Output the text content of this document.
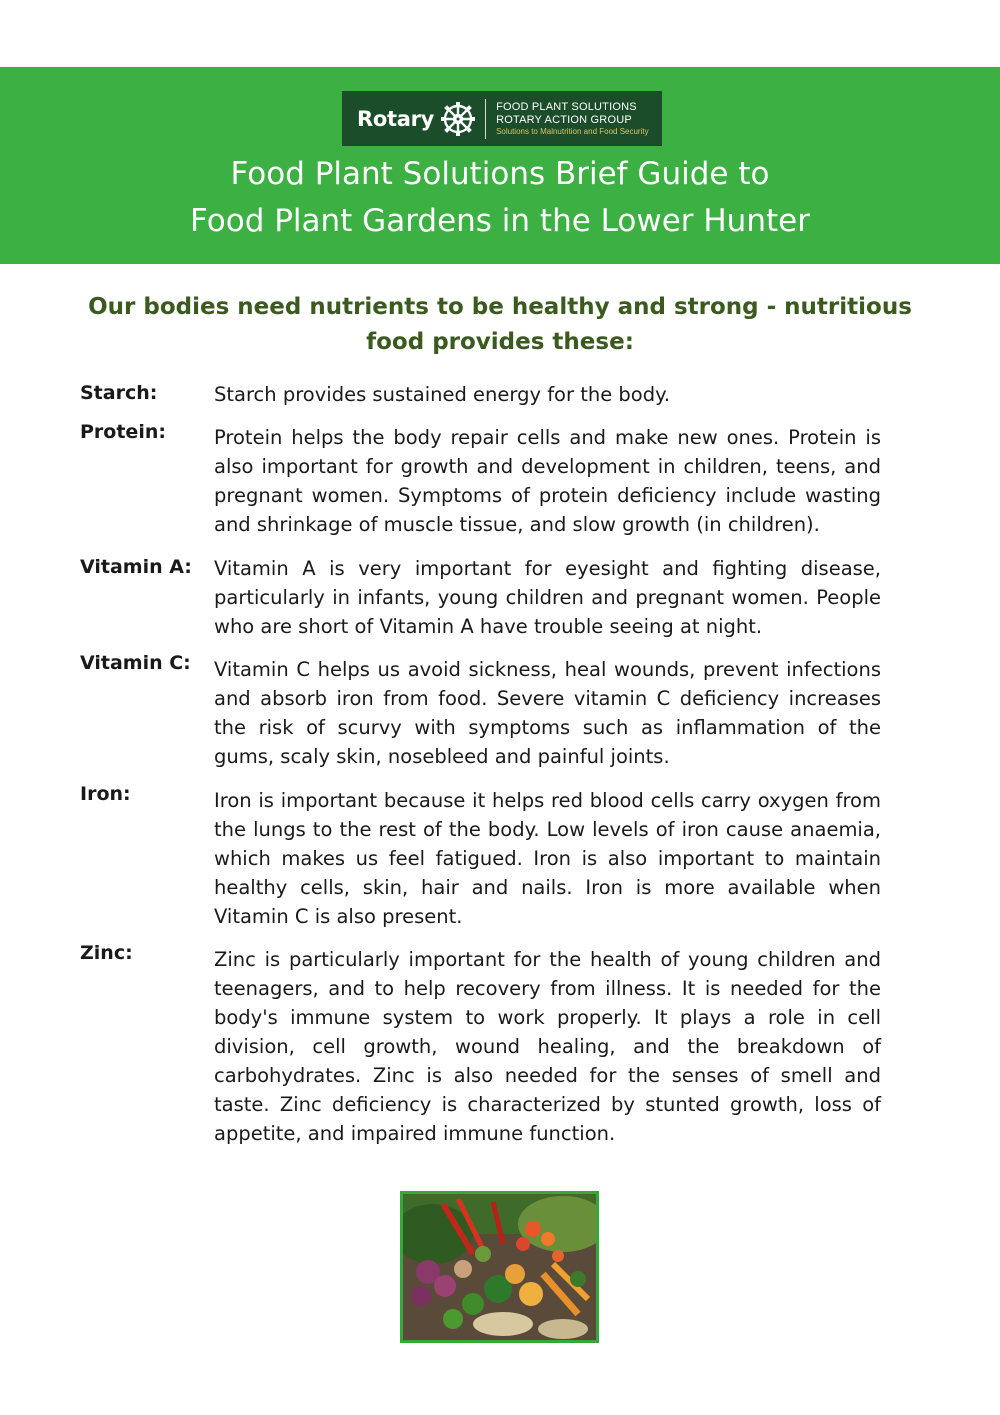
Rotary	FOOD PLANT SOLUTIONS
ROTARY ACTION GROUP
Solutions to Malnutrition and Food Security
Food Plant Solutions Brief Guide to
Food Plant Gardens in the Lower Hunter
Our bodies need nutrients to be healthy and strong - nutritious food provides these:
Starch:	Starch provides sustained energy for the body.
Protein: Protein helps the body repair cells and make new ones. Protein is also important for growth and development in children, teens, and pregnant women. Symptoms of protein deficiency include wasting and shrinkage of muscle tissue, and slow growth (in children).
Vitamin A: Vitamin A is very important for eyesight and fighting disease, particularly in infants, young children and pregnant women. People who are short of Vitamin A have trouble seeing at night.
Vitamin C: Vitamin C helps us avoid sickness, heal wounds, prevent infections and absorb iron from food. Severe vitamin C deficiency increases the risk of scurvy with symptoms such as inflammation of the gums, scaly skin, nosebleed and painful joints.
Iron:	Iron is important because it helps red blood cells carry oxygen from the lungs to the rest of the body. Low levels of iron cause anaemia, which makes us feel fatigued. Iron is also important to maintain healthy cells, skin, hair and nails. Iron is more available when Vitamin C is also present.
Zinc:	Zinc is particularly important for the health of young children and teenagers, and to help recovery from illness. It is needed for the body's immune system to work properly. It plays a role in cell division, cell growth, wound healing, and the breakdown of carbohydrates. Zinc is also needed for the senses of smell and taste. Zinc deficiency is characterized by stunted growth, loss of appetite, and impaired immune function.
